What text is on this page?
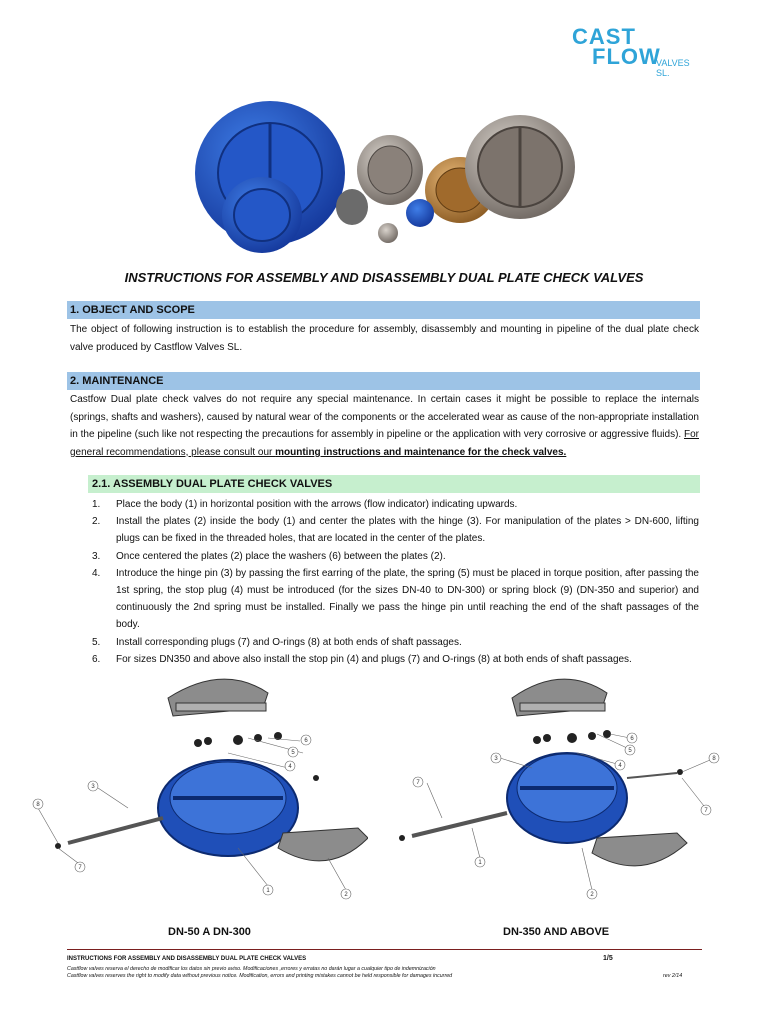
CAST
FLOW
VALVES SL.
INSTRUCTIONS FOR ASSEMBLY AND DISASSEMBLY DUAL PLATE CHECK VALVES
1. OBJECT AND SCOPE
The object of following instruction is to establish the procedure for assembly, disassembly and mounting in pipeline of the dual plate check valve produced by Castflow Valves SL.
2. MAINTENANCE
Castfow Dual plate check valves do not require any special maintenance. In certain cases it might be possible to replace the internals (springs, shafts and washers), caused by natural wear of the components or the accelerated wear as cause of the non-appropriate installation in the pipeline (such like not respecting the precautions for assembly in pipeline or the application with very corrosive or aggressive fluids). For general recommendations, please consult our mounting instructions and maintenance for the check valves.
2.1. ASSEMBLY DUAL PLATE CHECK VALVES
1. Place the body (1) in horizontal position with the arrows (flow indicator) indicating upwards.
2. Install the plates (2) inside the body (1) and center the plates with the hinge (3). For manipulation of the plates > DN-600, lifting plugs can be fixed in the threaded holes, that are located in the center of the plates.
3. Once centered the plates (2) place the washers (6) between the plates (2).
4. Introduce the hinge pin (3) by passing the first earring of the plate, the spring (5) must be placed in torque position, after passing the 1st spring, the stop plug (4) must be introduced (for the sizes DN-40 to DN-300) or spring block (9) (DN-350 and superior) and continuously the 2nd spring must be installed. Finally we pass the hinge pin until reaching the end of the shaft passages of the body.
5. Install corresponding plugs (7) and O-rings (8) at both ends of shaft passages.
6. For sizes DN350 and above also install the stop pin (4) and plugs (7) and O-rings (8) at both ends of shaft passages.
6
5
4
1
2
3
7
8
6
5
4
3
2
1
7
8
7
DN-50 A DN-300	DN-350 AND ABOVE
INSTRUCTIONS FOR ASSEMBLY AND DISASSEMBLY DUAL PLATE CHECK VALVES	1/5
Castflow valves reserva el derecho de modificar los datos sin previo aviso. Modificaciones ,errores y erratas no darán lugar a cualquier tipo de indemnización
Castflow valves reserves the right to modify data without previous notice. Modification, errors and printing mistakes cannot be held responsible for damages incurred	rev 2/14
